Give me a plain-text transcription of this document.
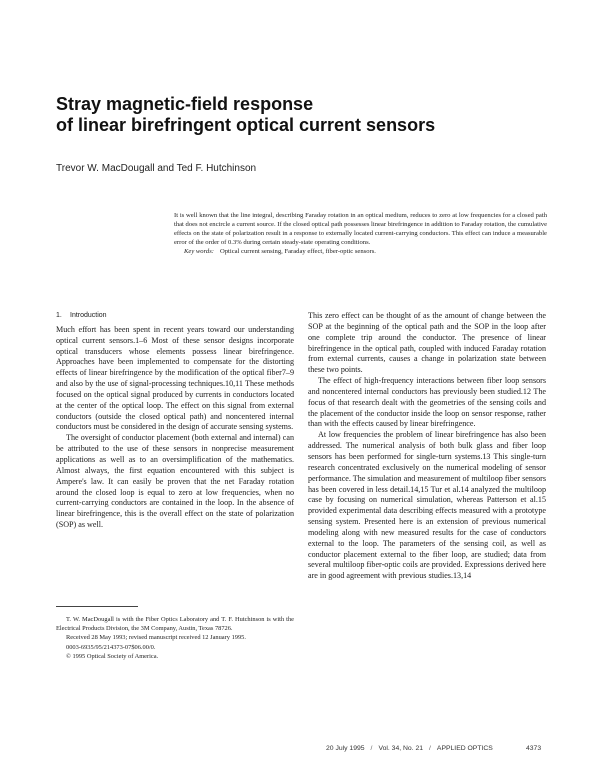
Stray magnetic-field response
of linear birefringent optical current sensors
Trevor W. MacDougall and Ted F. Hutchinson
It is well known that the line integral, describing Faraday rotation in an optical medium, reduces to zero at low frequencies for a closed path that does not encircle a current source. If the closed optical path possesses linear birefringence in addition to Faraday rotation, the cumulative effects on the state of polarization result in a response to externally located current-carrying conductors. This effect can induce a measurable error of the order of 0.3% during certain steady-state operating conditions.
Key words: Optical current sensing, Faraday effect, fiber-optic sensors.
1. Introduction

Much effort has been spent in recent years toward our understanding optical current sensors.1–6 Most of these sensor designs incorporate optical transducers whose elements possess linear birefringence. Approaches have been implemented to compensate for the distorting effects of linear birefringence by the modification of the optical fiber7–9 and also by the use of signal-processing techniques.10,11 These methods focused on the optical signal produced by currents in conductors located at the center of the optical loop. The effect on this signal from external conductors (outside the closed optical path) and noncentered internal conductors must be considered in the design of accurate sensing systems.

The oversight of conductor placement (both external and internal) can be attributed to the use of these sensors in nonprecise measurement applications as well as to an oversimplification of the mathematics. Almost always, the first equation encountered with this subject is Ampere's law. It can easily be proven that the net Faraday rotation around the closed loop is equal to zero at low frequencies, when no current-carrying conductors are contained in the loop. In the absence of linear birefringence, this is the overall effect on the state of polarization (SOP) as well.

This zero effect can be thought of as the amount of change between the SOP at the beginning of the optical path and the SOP in the loop after one complete trip around the conductor. The presence of linear birefringence in the optical path, coupled with induced Faraday rotation from external currents, causes a change in polarization state between these two points.

The effect of high-frequency interactions between fiber loop sensors and noncentered internal conductors has previously been studied.12 The focus of that research dealt with the geometries of the sensing coils and the placement of the conductor inside the loop on sensor response, rather than with the effects caused by linear birefringence.

At low frequencies the problem of linear birefringence has also been addressed. The numerical analysis of both bulk glass and fiber loop sensors has been performed for single-turn systems.13 This single-turn research concentrated exclusively on the numerical modeling of sensor performance. The simulation and measurement of multiloop fiber sensors has been covered in less detail.14,15 Tur et al.14 analyzed the multiloop case by focusing on numerical simulation, whereas Patterson et al.15 provided experimental data describing effects measured with a prototype sensing system. Presented here is an extension of previous numerical modeling along with new measured results for the case of conductors external to the loop. The parameters of the sensing coil, as well as conductor placement external to the fiber loop, are studied; data from several multiloop fiber-optic coils are provided. Expressions derived here are in good agreement with previous studies.13,14

T. W. MacDougall is with the Fiber Optics Laboratory and T. F. Hutchinson is with the Electrical Products Division, the 3M Company, Austin, Texas 78726.

Received 28 May 1993; revised manuscript received 12 January 1995.

0003-6935/95/214373-07$06.00/0.

© 1995 Optical Society of America.

20 July 1995 / Vol. 34, No. 21 / APPLIED OPTICS	4373
